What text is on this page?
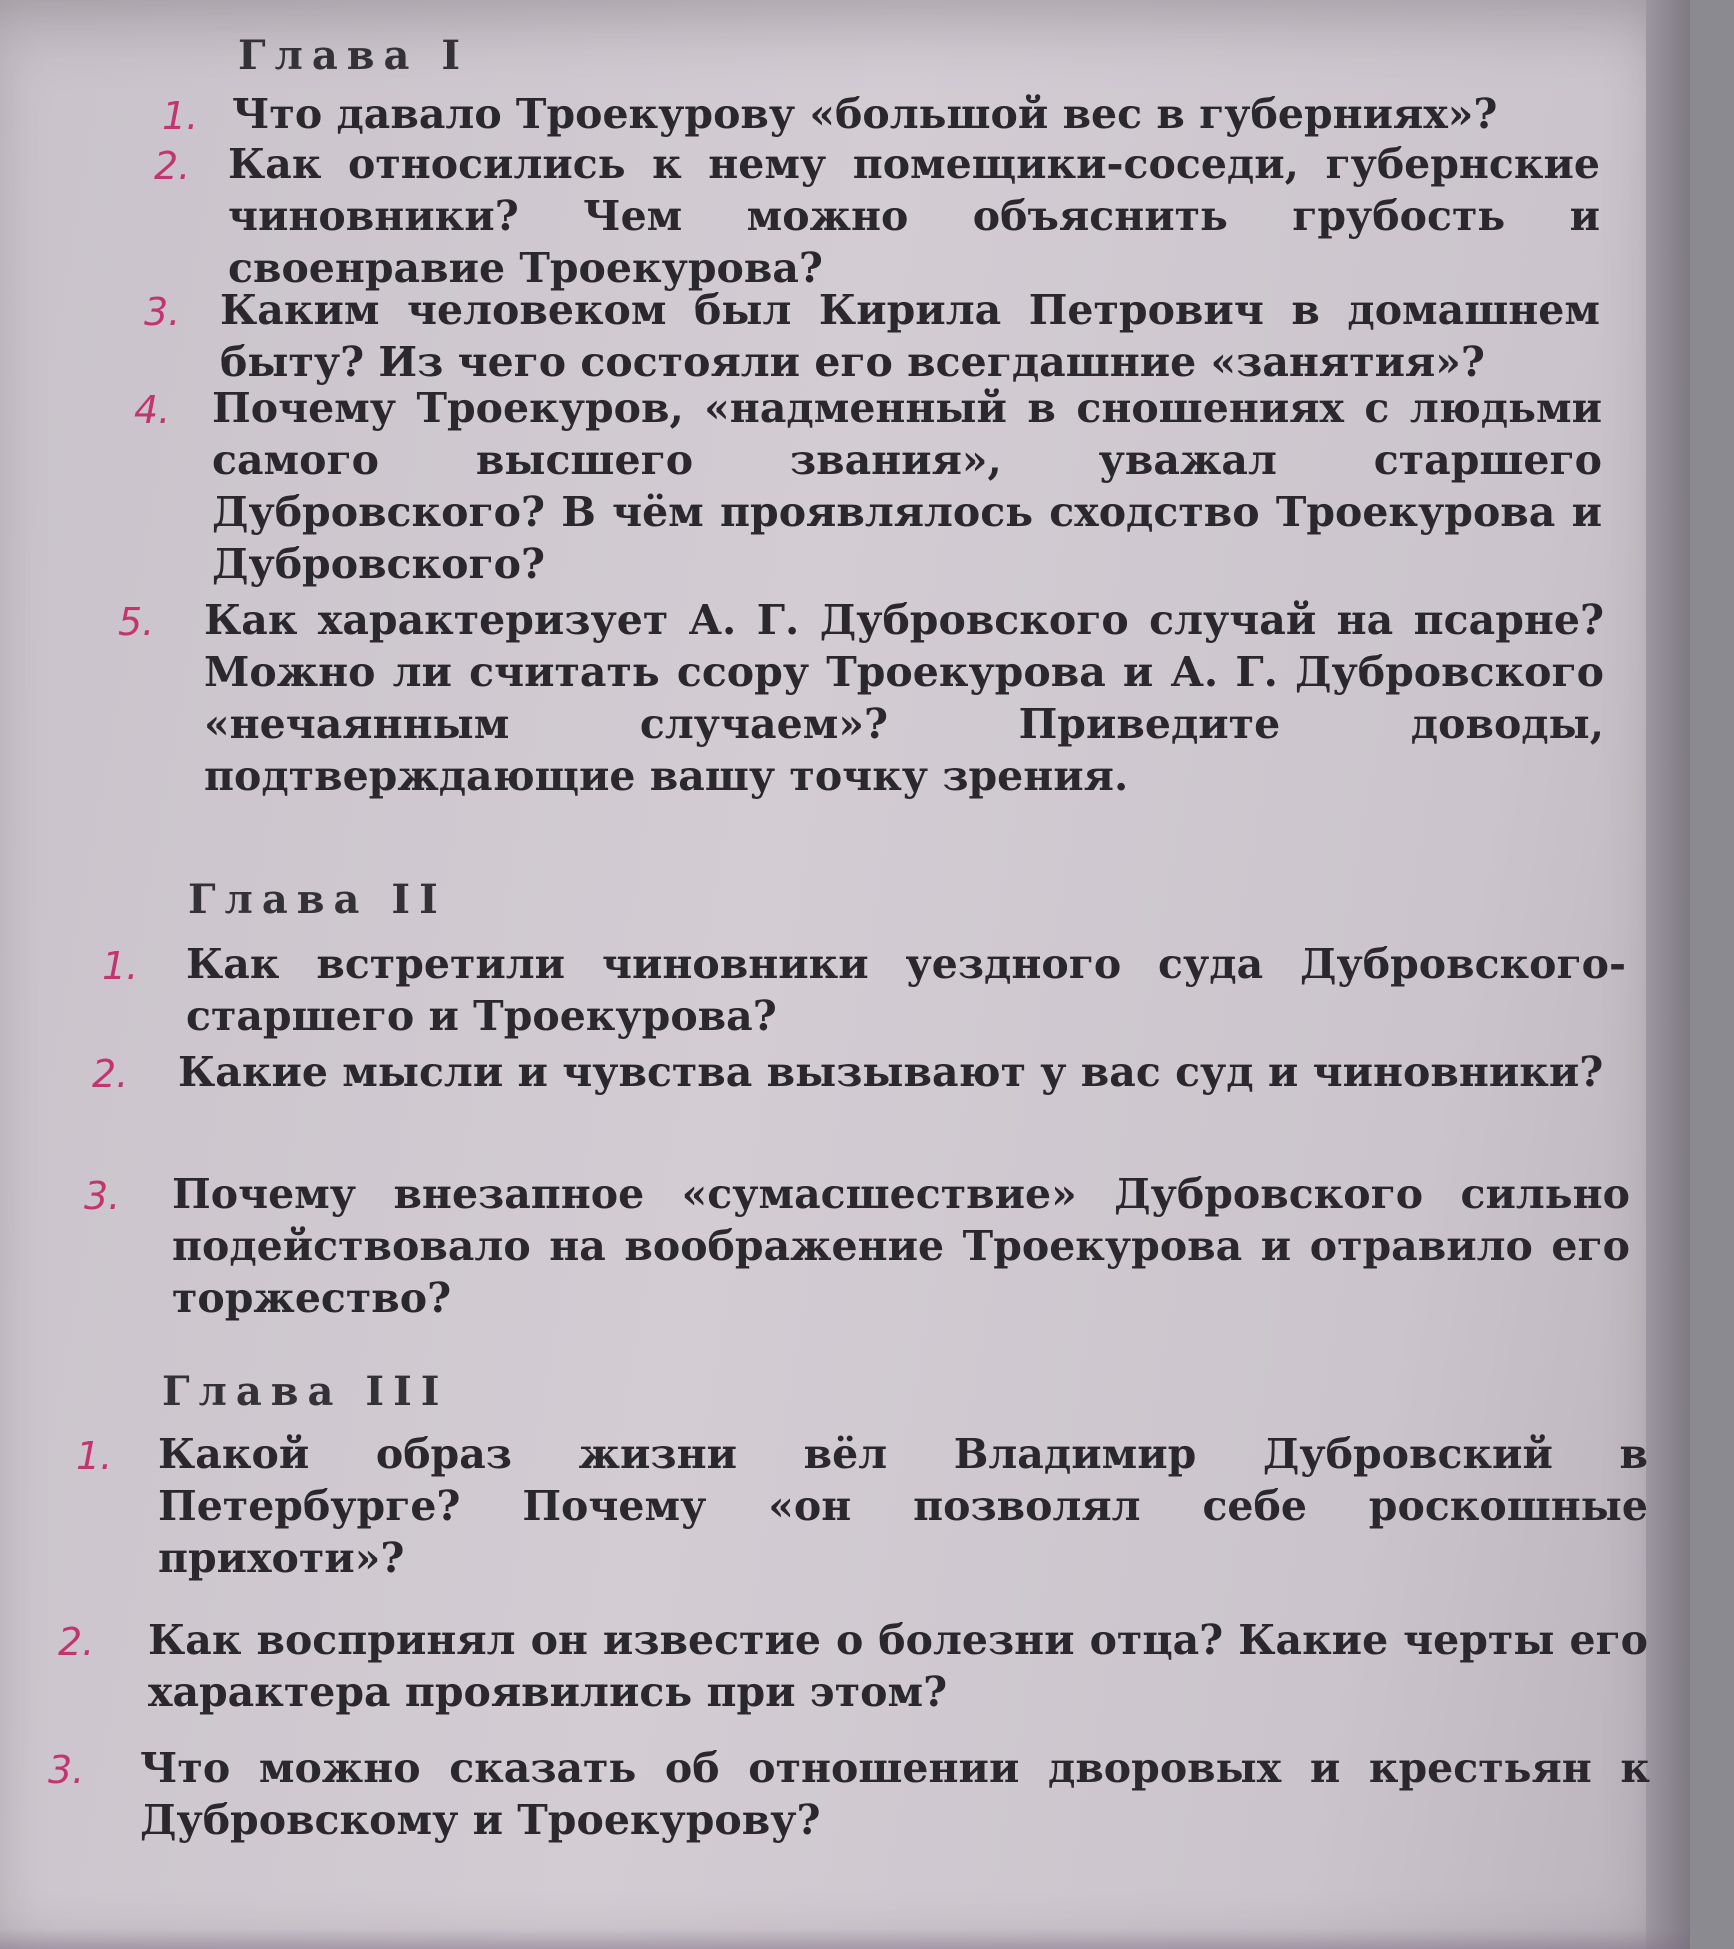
Глава I
1. Что давало Троекурову «большой вес в губерниях»?
2. Как относились к нему помещики-соседи, губернские чиновники? Чем можно объяснить грубость и своенравие Троекурова?
3. Каким человеком был Кирила Петрович в домашнем быту? Из чего состояли его всегдашние «занятия»?
4. Почему Троекуров, «надменный в сношениях с людьми самого высшего звания», уважал старшего Дубровского? В чём проявлялось сходство Троекурова и Дубровского?
5. Как характеризует А. Г. Дубровского случай на псарне? Можно ли считать ссору Троекурова и А. Г. Дубровского «нечаянным случаем»? Приведите доводы, подтверждающие вашу точку зрения.
Глава II
1. Как встретили чиновники уездного суда Дубровского-старшего и Троекурова?
2. Какие мысли и чувства вызывают у вас суд и чиновники?
3. Почему внезапное «сумасшествие» Дубровского сильно подействовало на воображение Троекурова и отравило его торжество?
Глава III
1. Какой образ жизни вёл Владимир Дубровский в Петербурге? Почему «он позволял себе роскошные прихоти»?
2. Как воспринял он известие о болезни отца? Какие черты его характера проявились при этом?
3. Что можно сказать об отношении дворовых и крестьян к Дубровскому и Троекурову?
